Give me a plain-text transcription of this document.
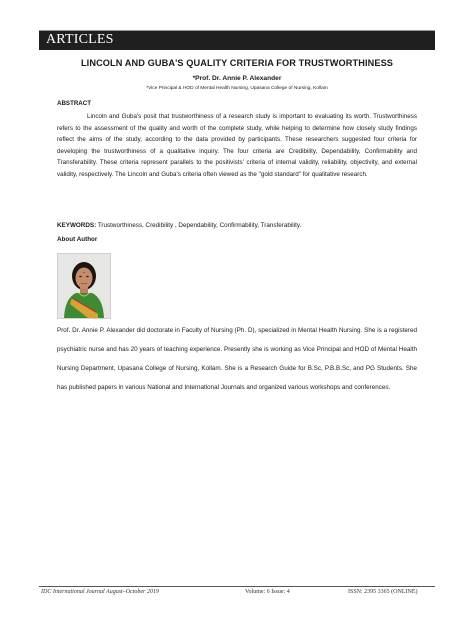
ARTICLES
LINCOLN AND GUBA'S QUALITY CRITERIA FOR TRUSTWORTHINESS
*Prof. Dr. Annie P. Alexander
*Vice Principal & HOD of Mental Health Nursing, Upasana College of Nursing, Kollam
ABSTRACT
Lincoln and Guba's posit that trustworthiness of a research study is important to evaluating its worth. Trustworthiness refers to the assessment of the quality and worth of the complete study, while helping to determine how closely study findings reflect the aims of the study, according to the data provided by participants. These researchers suggested four criteria for developing the trustworthiness of a qualitative inquiry. The four criteria are Credibility, Dependability, Confirmability and Transferability. These criteria represent parallels to the positivists' criteria of internal validity, reliability, objectivity, and external validity, respectively. The Lincoln and Guba's criteria often viewed as the "gold standard" for qualitative research.
KEYWORDS: Trustworthiness, Credibility , Dependability, Confirmability, Transferability.
About Author
Prof. Dr. Annie P. Alexander did doctorate in Faculty of Nursing (Ph. D), specialized in Mental Health Nursing. She is a registered psychiatric nurse and has 20 years of teaching experience. Presently she is working as Vice Principal and HOD of Mental Health Nursing Department, Upasana College of Nursing, Kollam. She is a Research Guide for B.Sc, P.B.B.Sc, and PG Students. She has published papers in various National and International Journals and organized various workshops and conferences.
IDC International Journal August–October 2019	Volume: 6 Issue: 4	ISSN: 2395 3365 (ONLINE)
